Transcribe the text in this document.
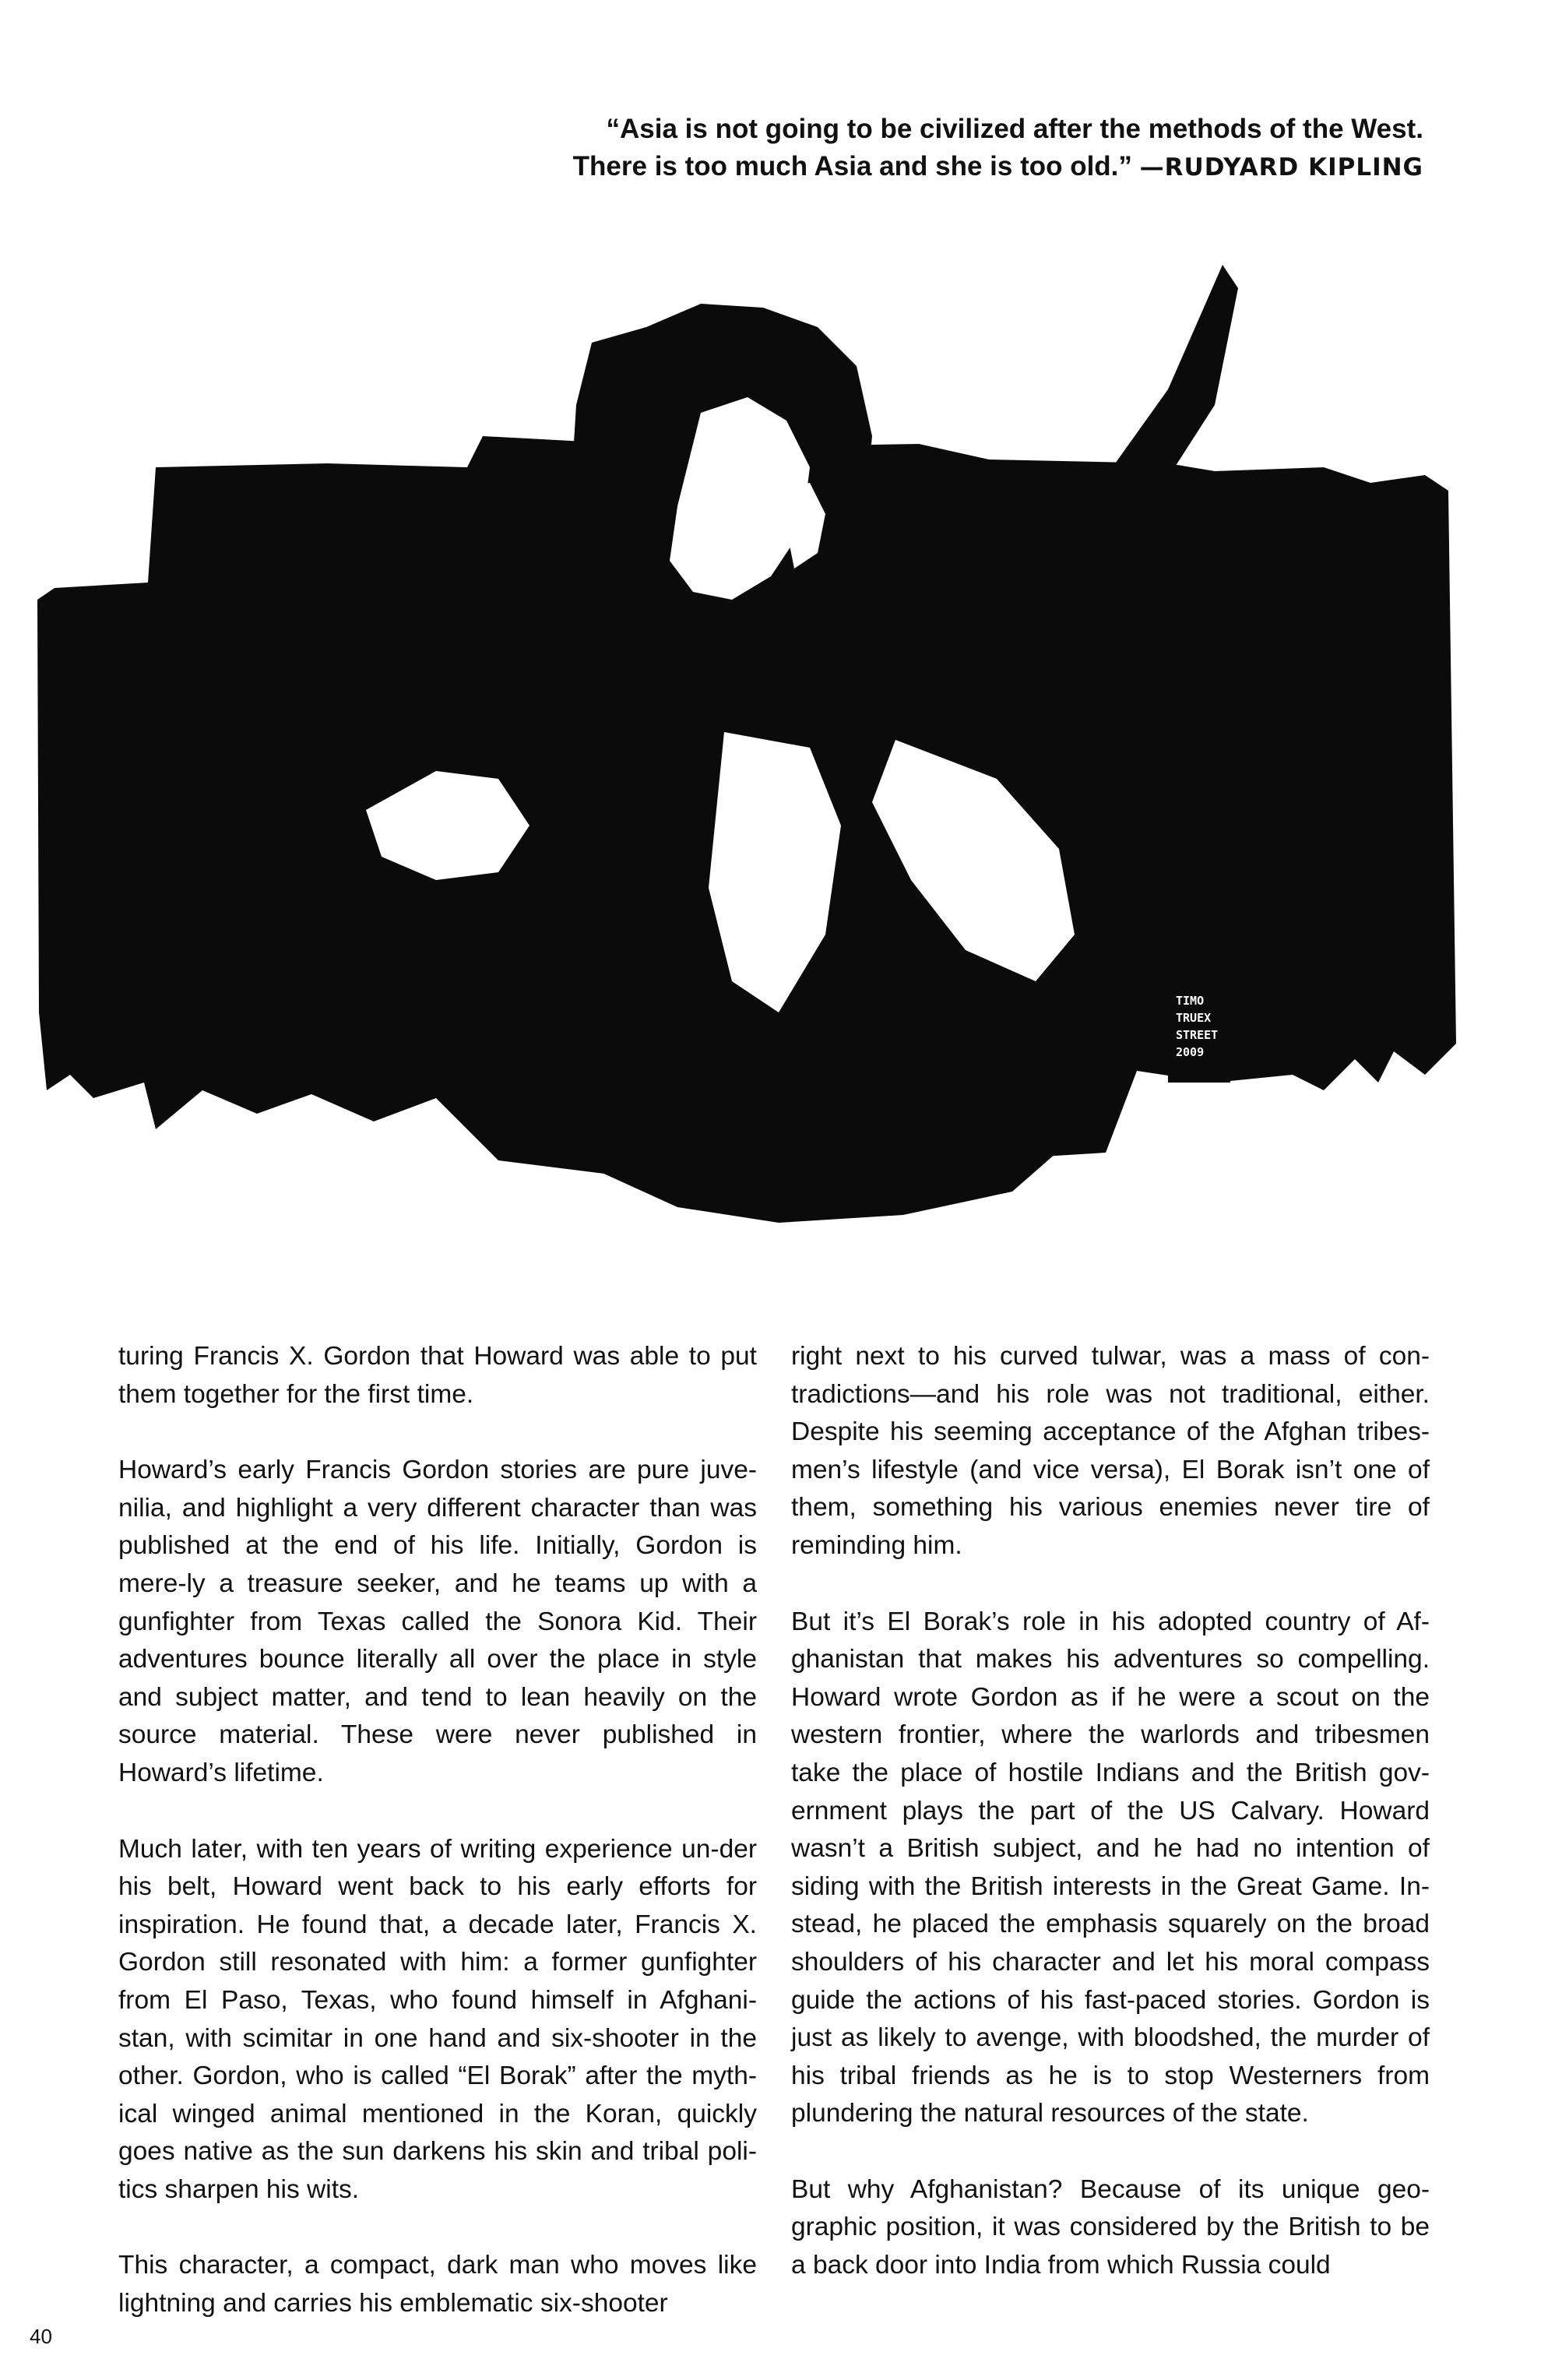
“Asia is not going to be civilized after the methods of the West.
There is too much Asia and she is too old.” —RUDYARD KIPLING
TIMO
TRUEX
STREET
2009

turing Francis X. Gordon that Howard was able to put them together for the first time.

Howard’s early Francis Gordon stories are pure juve-nilia, and highlight a very different character than was published at the end of his life. Initially, Gordon is mere-ly a treasure seeker, and he teams up with a gunfighter from Texas called the Sonora Kid. Their adventures bounce literally all over the place in style and subject matter, and tend to lean heavily on the source material. These were never published in Howard’s lifetime.

Much later, with ten years of writing experience un-der his belt, Howard went back to his early efforts for inspiration. He found that, a decade later, Francis X. Gordon still resonated with him: a former gunfighter from El Paso, Texas, who found himself in Afghani-stan, with scimitar in one hand and six-shooter in the other. Gordon, who is called “El Borak” after the myth-ical winged animal mentioned in the Koran, quickly goes native as the sun darkens his skin and tribal poli-tics sharpen his wits.

This character, a compact, dark man who moves like lightning and carries his emblematic six-shooter

right next to his curved tulwar, was a mass of con-tradictions—and his role was not traditional, either. Despite his seeming acceptance of the Afghan tribes-men’s lifestyle (and vice versa), El Borak isn’t one of them, something his various enemies never tire of reminding him.

But it’s El Borak’s role in his adopted country of Af-ghanistan that makes his adventures so compelling. Howard wrote Gordon as if he were a scout on the western frontier, where the warlords and tribesmen take the place of hostile Indians and the British gov-ernment plays the part of the US Calvary. Howard wasn’t a British subject, and he had no intention of siding with the British interests in the Great Game. In-stead, he placed the emphasis squarely on the broad shoulders of his character and let his moral compass guide the actions of his fast-paced stories. Gordon is just as likely to avenge, with bloodshed, the murder of his tribal friends as he is to stop Westerners from plundering the natural resources of the state.

But why Afghanistan? Because of its unique geo-graphic position, it was considered by the British to be a back door into India from which Russia could

40
